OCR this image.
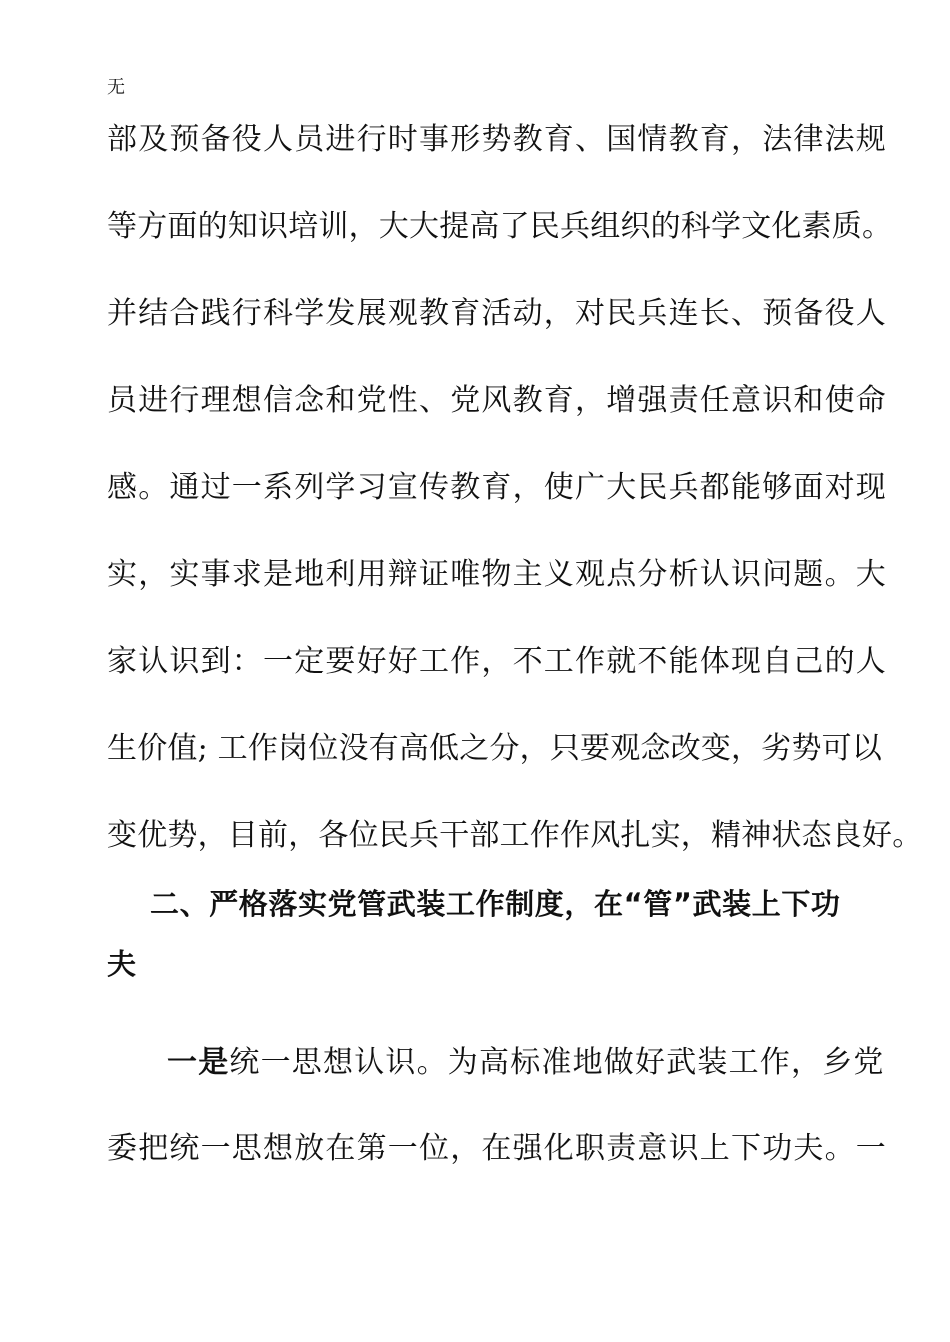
无
部及预备役人员进行时事形势教育、国情教育，法律法规
等方面的知识培训，大大提高了民兵组织的科学文化素质。
并结合践行科学发展观教育活动，对民兵连长、预备役人
员进行理想信念和党性、党风教育，增强责任意识和使命
感。通过一系列学习宣传教育，使广大民兵都能够面对现
实，实事求是地利用辩证唯物主义观点分析认识问题。大
家认识到：一定要好好工作，不工作就不能体现自己的人
生价值; 工作岗位没有高低之分，只要观念改变，劣势可以
变优势，目前，各位民兵干部工作作风扎实，精神状态良好。
二、严格落实党管武装工作制度，在“管”武装上下功
夫
一是统一思想认识。为高标准地做好武装工作，乡党
委把统一思想放在第一位，在强化职责意识上下功夫。一
